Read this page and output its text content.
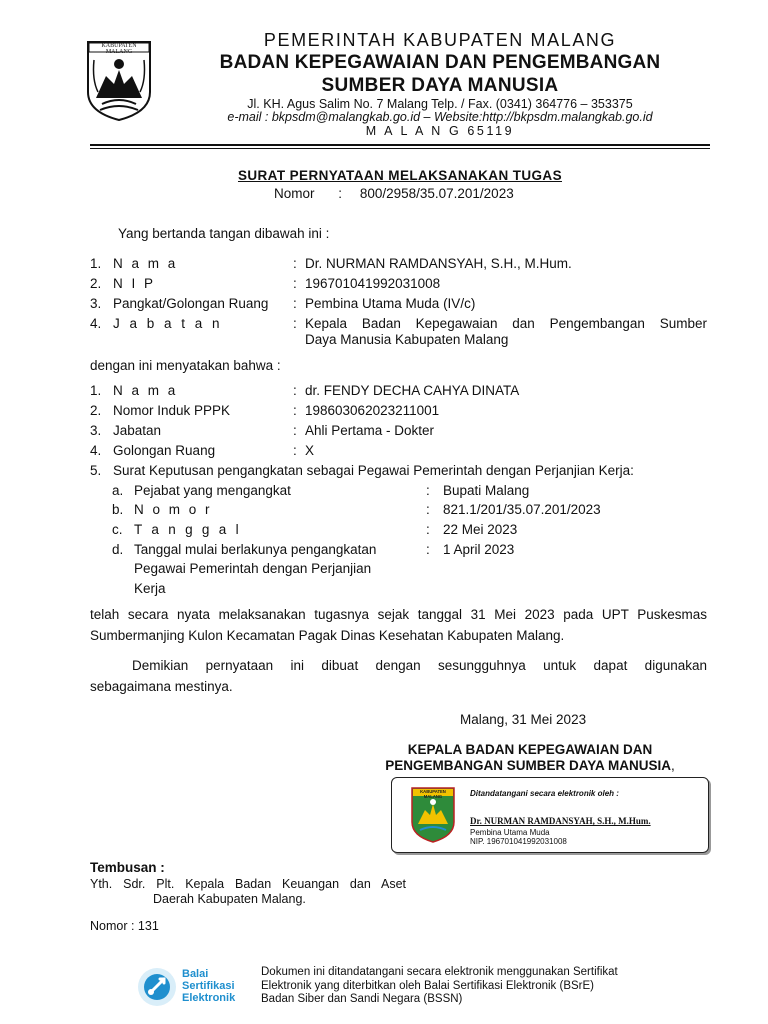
KABUPATEN MALANG
PEMERINTAH KABUPATEN MALANG
BADAN KEPEGAWAIAN DAN PENGEMBANGAN
SUMBER DAYA MANUSIA
Jl. KH. Agus Salim No. 7 Malang Telp. / Fax. (0341) 364776 – 353375
e-mail : bkpsdm@malangkab.go.id – Website:http://bkpsdm.malangkab.go.id
M A L A N G 65119
SURAT PERNYATAAN MELAKSANAKAN TUGAS
Nomor : 800/2958/35.07.201/2023
Yang bertanda tangan dibawah ini :
1. N a m a	: Dr. NURMAN RAMDANSYAH, S.H., M.Hum.
2. N I P	: 196701041992031008
3. Pangkat/Golongan Ruang : Pembina Utama Muda (IV/c)
4. J a b a t a n	: Kepala Badan Kepegawaian dan Pengembangan Sumber
Daya Manusia Kabupaten Malang
dengan ini menyatakan bahwa :
1. N a m a	: dr. FENDY DECHA CAHYA DINATA
2. Nomor Induk PPPK	: 198603062023211001
3. Jabatan	: Ahli Pertama - Dokter
4. Golongan Ruang	: X
5. Surat Keputusan pengangkatan sebagai Pegawai Pemerintah dengan Perjanjian Kerja:
a. Pejabat yang mengangkat	: Bupati Malang
b. N o m o r	: 821.1/201/35.07.201/2023
c. T a n g g a l	: 22 Mei 2023
d. Tanggal mulai berlakunya pengangkatan	: 1 April 2023
Pegawai Pemerintah dengan Perjanjian
Kerja
telah secara nyata melaksanakan tugasnya sejak tanggal 31 Mei 2023 pada UPT Puskesmas
Sumbermanjing Kulon Kecamatan Pagak Dinas Kesehatan Kabupaten Malang.
Demikian pernyataan ini dibuat dengan sesungguhnya untuk dapat digunakan
sebagaimana mestinya.
Malang, 31 Mei 2023
KEPALA BADAN KEPEGAWAIAN DAN
PENGEMBANGAN SUMBER DAYA MANUSIA,
KABUPATEN MALANG	Ditandatangani secara elektronik oleh :
Dr. NURMAN RAMDANSYAH, S.H., M.Hum.
Pembina Utama Muda
NIP. 196701041992031008
Tembusan :
Yth. Sdr. Plt. Kepala Badan Keuangan dan Aset
Daerah Kabupaten Malang.
Nomor : 131
Balai
Sertifikasi
Elektronik
Dokumen ini ditandatangani secara elektronik menggunakan Sertifikat
Elektronik yang diterbitkan oleh Balai Sertifikasi Elektronik (BSrE)
Badan Siber dan Sandi Negara (BSSN)
